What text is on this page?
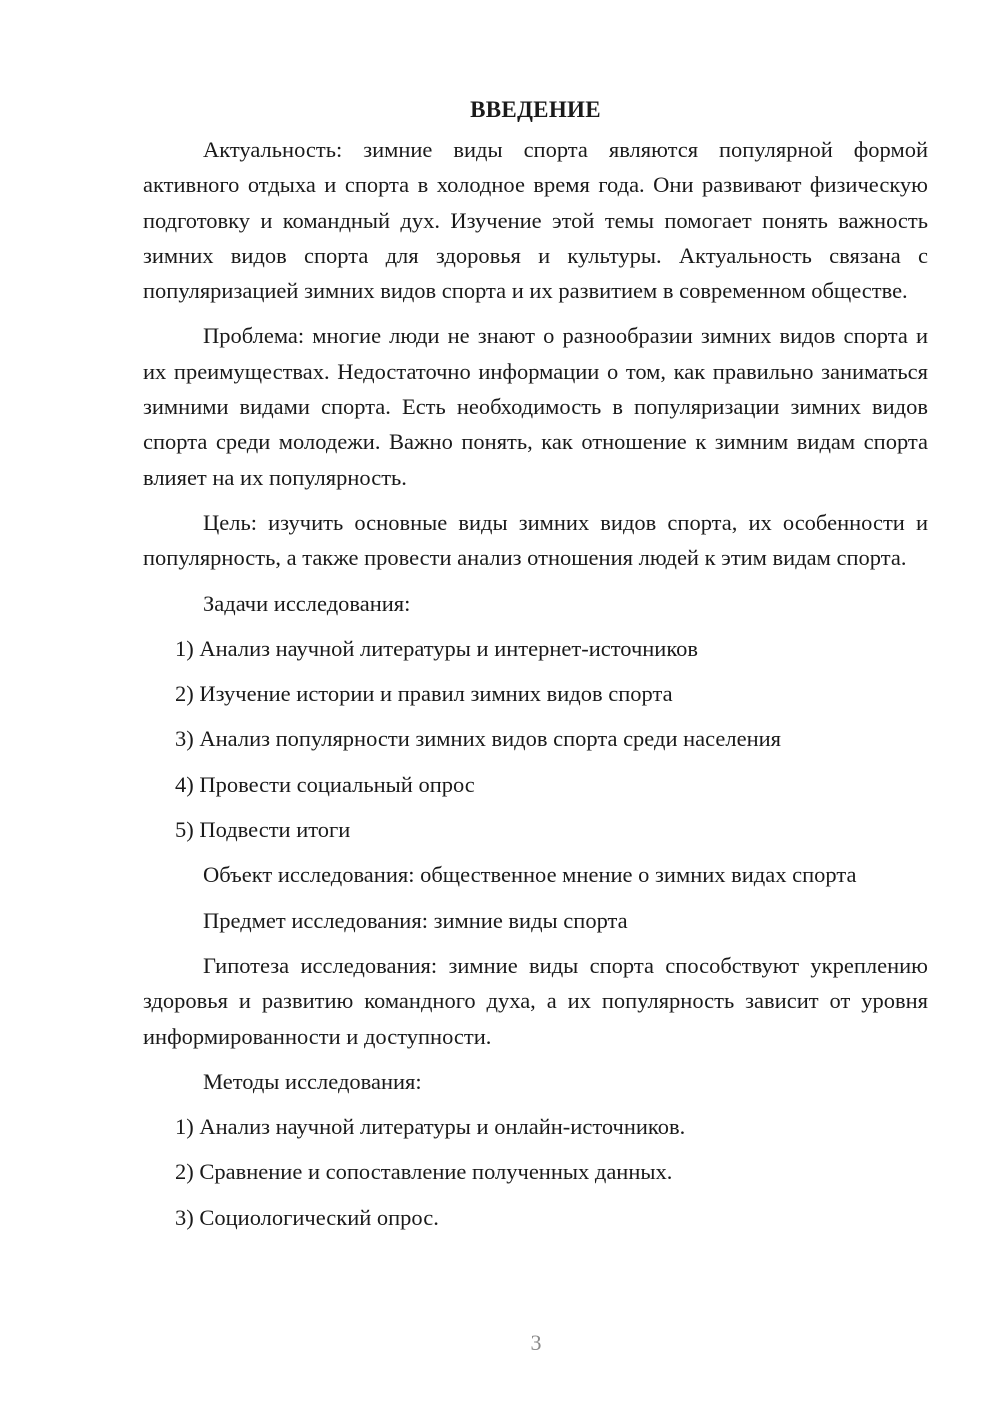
ВВЕДЕНИЕ

Актуальность: зимние виды спорта являются популярной формой активного отдыха и спорта в холодное время года. Они развивают физическую подготовку и командный дух. Изучение этой темы помогает понять важность зимних видов спорта для здоровья и культуры. Актуальность связана с популяризацией зимних видов спорта и их развитием в современном обществе.

Проблема: многие люди не знают о разнообразии зимних видов спорта и их преимуществах. Недостаточно информации о том, как правильно заниматься зимними видами спорта. Есть необходимость в популяризации зимних видов спорта среди молодежи. Важно понять, как отношение к зимним видам спорта влияет на их популярность.

Цель: изучить основные виды зимних видов спорта, их особенности и популярность, а также провести анализ отношения людей к этим видам спорта.

Задачи исследования:
1) Анализ научной литературы и интернет-источников
2) Изучение истории и правил зимних видов спорта
3) Анализ популярности зимних видов спорта среди населения
4) Провести социальный опрос
5) Подвести итоги
Объект исследования: общественное мнение о зимних видах спорта
Предмет исследования: зимние виды спорта

Гипотеза исследования: зимние виды спорта способствуют укреплению здоровья и развитию командного духа, а их популярность зависит от уровня информированности и доступности.

Методы исследования:
1) Анализ научной литературы и онлайн-источников.
2) Сравнение и сопоставление полученных данных.
3) Социологический опрос.
3
